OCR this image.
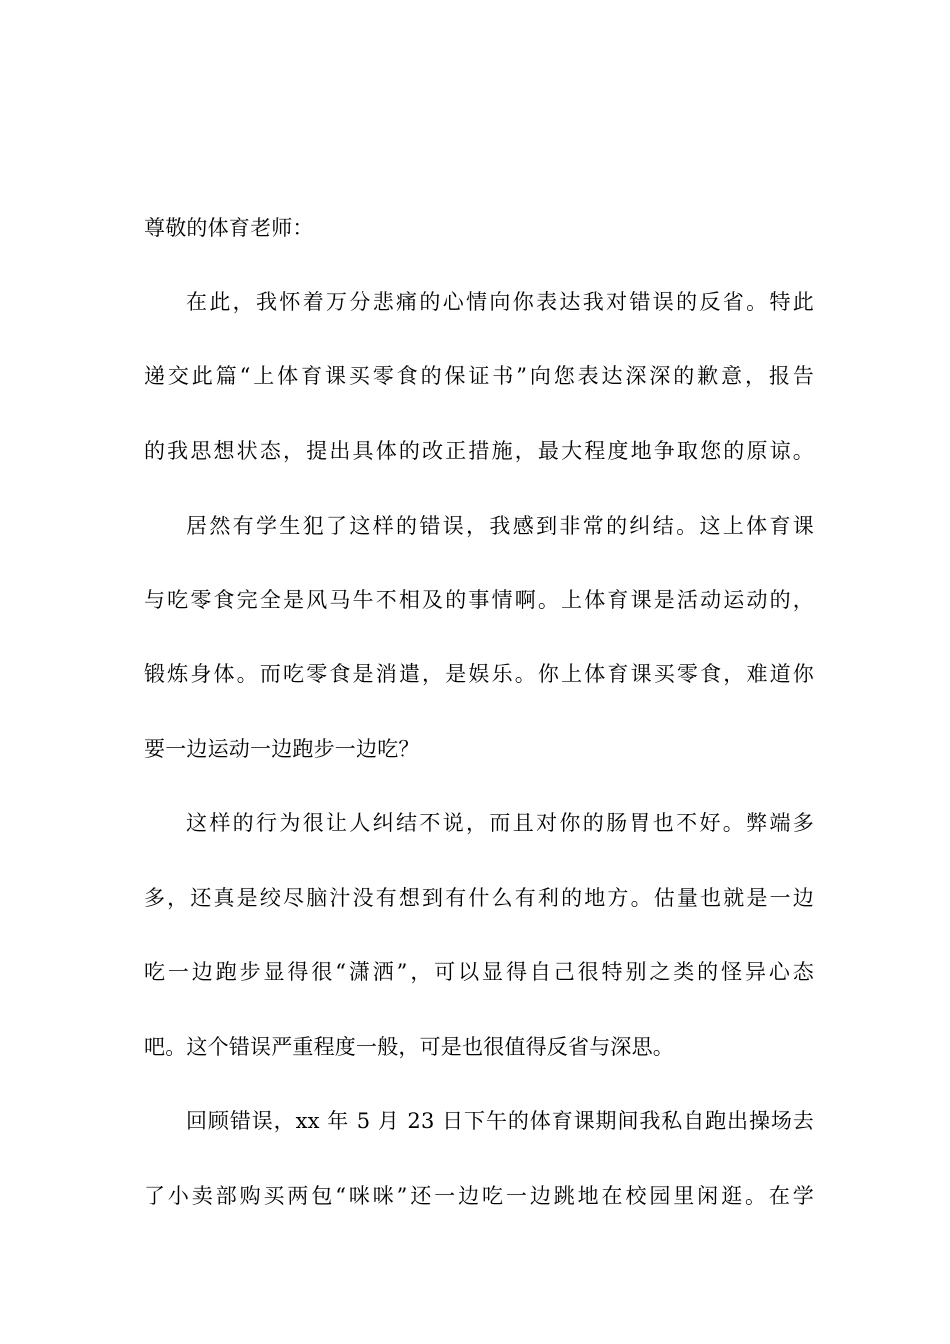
尊敬的体育老师：
在此，我怀着万分悲痛的心情向你表达我对错误的反省。特此
递交此篇“上体育课买零食的保证书”向您表达深深的歉意，报告
的我思想状态，提出具体的改正措施，最大程度地争取您的原谅。
居然有学生犯了这样的错误，我感到非常的纠结。这上体育课
与吃零食完全是风马牛不相及的事情啊。上体育课是活动运动的，
锻炼身体。而吃零食是消遣，是娱乐。你上体育课买零食，难道你
要一边运动一边跑步一边吃？
这样的行为很让人纠结不说，而且对你的肠胃也不好。弊端多
多，还真是绞尽脑汁没有想到有什么有利的地方。估量也就是一边
吃一边跑步显得很“潇洒”，可以显得自己很特别之类的怪异心态
吧。这个错误严重程度一般，可是也很值得反省与深思。
回顾错误，xx 年 5 月 23 日下午的体育课期间我私自跑出操场去
了小卖部购买两包“咪咪”还一边吃一边跳地在校园里闲逛。在学
